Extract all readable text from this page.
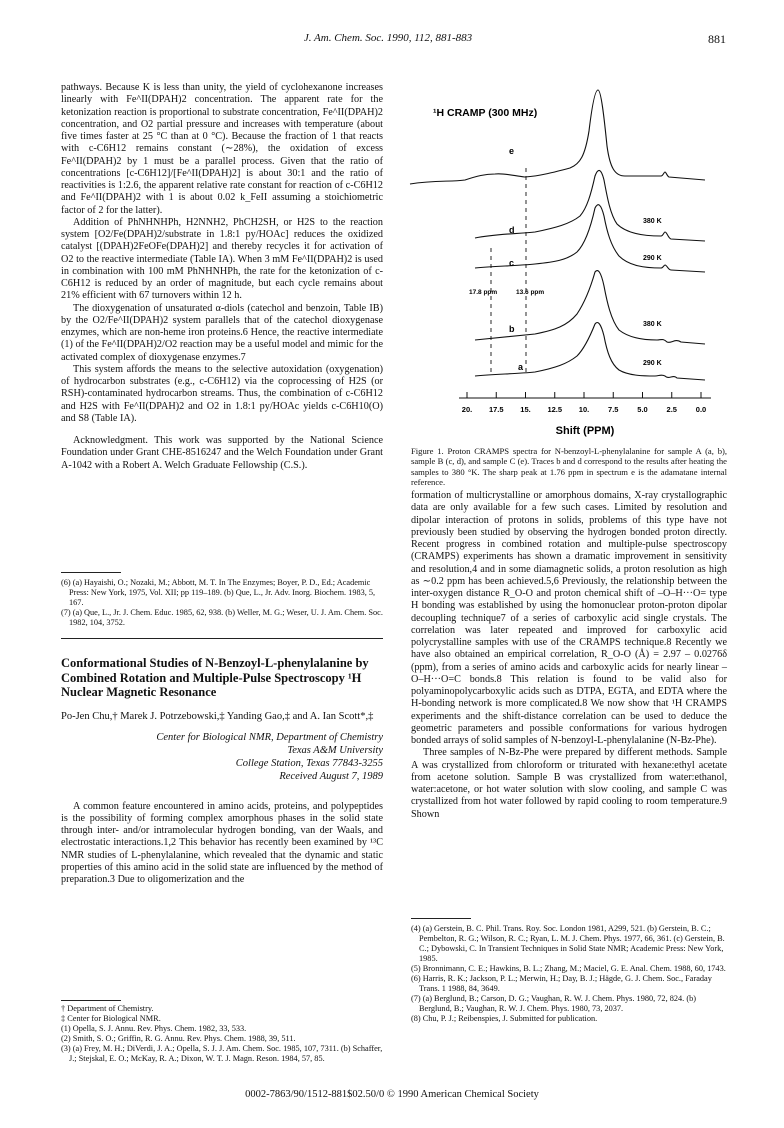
J. Am. Chem. Soc. 1990, 112, 881-883	881

pathways. Because K is less than unity, the yield of cyclohexanone increases linearly with Fe^II(DPAH)2 concentration. The apparent rate for the ketonization reaction is proportional to substrate concentration, Fe^II(DPAH)2 concentration, and O2 partial pressure and increases with temperature (about five times faster at 25 °C than at 0 °C). Because the fraction of 1 that reacts with c-C6H12 remains constant (∼28%), the oxidation of excess Fe^II(DPAH)2 by 1 must be a parallel process. Given that the ratio of concentrations [c-C6H12]/[Fe^II(DPAH)2] is about 30:1 and the ratio of reactivities is 1:2.6, the apparent relative rate constant for reaction of c-C6H12 and Fe^II(DPAH)2 with 1 is about 0.02 k_FeII assuming a stoichiometric factor of 2 for the latter).

Addition of PhNHNHPh, H2NNH2, PhCH2SH, or H2S to the reaction system [O2/Fe(DPAH)2/substrate in 1.8:1 py/HOAc] reduces the oxidized catalyst [(DPAH)2FeOFe(DPAH)2] and thereby recycles it for activation of O2 to the reactive intermediate (Table IA). When 3 mM Fe^II(DPAH)2 is used in combination with 100 mM PhNHNHPh, the rate for the ketonization of c-C6H12 is reduced by an order of magnitude, but each cycle remains about 21% efficient with 67 turnovers within 12 h.

The dioxygenation of unsaturated α-diols (catechol and benzoin, Table IB) by the O2/Fe^II(DPAH)2 system parallels that of the catechol dioxygenase enzymes, which are non-heme iron proteins.6 Hence, the reactive intermediate (1) of the Fe^II(DPAH)2/O2 reaction may be a useful model and mimic for the activated complex of dioxygenase enzymes.7

This system affords the means to the selective autoxidation (oxygenation) of hydrocarbon substrates (e.g., c-C6H12) via the coprocessing of H2S (or RSH)-contaminated hydrocarbon streams. Thus, the combination of c-C6H12 and H2S with Fe^II(DPAH)2 and O2 in 1.8:1 py/HOAc yields c-C6H10(O) and S8 (Table IA).

Acknowledgment. This work was supported by the National Science Foundation under Grant CHE-8516247 and the Welch Foundation under Grant A-1042 with a Robert A. Welch Graduate Fellowship (C.S.).

(6) (a) Hayaishi, O.; Nozaki, M.; Abbott, M. T. In The Enzymes; Boyer, P. D., Ed.; Academic Press: New York, 1975, Vol. XII; pp 119–189. (b) Que, L., Jr. Adv. Inorg. Biochem. 1983, 5, 167.
(7) (a) Que, L., Jr. J. Chem. Educ. 1985, 62, 938. (b) Weller, M. G.; Weser, U. J. Am. Chem. Soc. 1982, 104, 3752.
Conformational Studies of N-Benzoyl-L-phenylalanine by Combined Rotation and Multiple-Pulse Spectroscopy ¹H Nuclear Magnetic Resonance
Po-Jen Chu,† Marek J. Potrzebowski,‡ Yanding Gao,‡ and A. Ian Scott*,‡
Center for Biological NMR, Department of Chemistry
Texas A&M University
College Station, Texas 77843-3255
Received August 7, 1989

A common feature encountered in amino acids, proteins, and polypeptides is the possibility of forming complex amorphous phases in the solid state through inter- and/or intramolecular hydrogen bonding, van der Waals, and electrostatic interactions.1,2 This behavior has recently been examined by ¹³C NMR studies of L-phenylalanine, which revealed that the dynamic and static properties of this amino acid in the solid state are influenced by the method of preparation.3 Due to oligomerization and the

† Department of Chemistry.
‡ Center for Biological NMR.
(1) Opella, S. J. Annu. Rev. Phys. Chem. 1982, 33, 533.
(2) Smith, S. O.; Griffin, R. G. Annu. Rev. Phys. Chem. 1988, 39, 511.
(3) (a) Frey, M. H.; DiVerdi, J. A.; Opella, S. J. J. Am. Chem. Soc. 1985, 107, 7311. (b) Schaffer, J.; Stejskal, E. O.; McKay, R. A.; Dixon, W. T. J. Magn. Reson. 1984, 57, 85.
¹H CRAMP (300 MHz)
e
d
380 K
c	290 K
17.8 ppm	13.6 ppm
b	380 K
a	290 K
20. 17.5 15. 12.5 10.	7.5	5.0	2.5	0.0
Shift (PPM)
Figure 1. Proton CRAMPS spectra for N-benzoyl-L-phenylalanine for sample A (a, b), sample B (c, d), and sample C (e). Traces b and d correspond to the results after heating the samples to 380 °K. The sharp peak at 1.76 ppm in spectrum e is the adamatane internal reference.

formation of multicrystalline or amorphous domains, X-ray crystallographic data are only available for a few such cases. Limited by resolution and dipolar interaction of protons in solids, problems of this type have not previously been studied by observing the hydrogen bonded proton directly. Recent progress in combined rotation and multiple-pulse spectroscopy (CRAMPS) experiments has shown a dramatic improvement in sensitivity and resolution,4 and in some diamagnetic solids, a proton resolution as high as ∼0.2 ppm has been achieved.5,6 Previously, the relationship between the inter-oxygen distance R_O-O and proton chemical shift of –O–H···O= type H bonding was established by using the homonuclear proton-proton dipolar decoupling technique7 of a series of carboxylic acid single crystals. The correlation was later repeated and improved for carboxylic acid polycrystalline samples with use of the CRAMPS technique.8 Recently we have also obtained an empirical correlation, R_O-O (Å) = 2.97 – 0.0276δ (ppm), from a series of amino acids and carboxylic acids for nearly linear –O–H···O=C bonds.8 This relation is found to be valid also for polyaminopolycarboxylic acids such as DTPA, EGTA, and EDTA where the H-bonding network is more complicated.8 We now show that ¹H CRAMPS experiments and the shift-distance correlation can be used to deduce the geometric parameters and possible conformations for various hydrogen bonded arrays of solid samples of N-benzoyl-L-phenylalanine (N-Bz-Phe).

Three samples of N-Bz-Phe were prepared by different methods. Sample A was crystallized from chloroform or triturated with hexane:ethyl acetate from acetone solution. Sample B was crystallized from water:ethanol, water:acetone, or hot water solution with slow cooling, and sample C was crystallized from hot water followed by rapid cooling to room temperature.9 Shown

(4) (a) Gerstein, B. C. Phil. Trans. Roy. Soc. London 1981, A299, 521. (b) Gerstein, B. C.; Pembelton, R. G.; Wilson, R. C.; Ryan, L. M. J. Chem. Phys. 1977, 66, 361. (c) Gerstein, B. C.; Dybowski, C. In Transient Techniques in Solid State NMR; Academic Press: New York, 1985.
(5) Bronnimann, C. E.; Hawkins, B. L.; Zhang, M.; Maciel, G. E. Anal. Chem. 1988, 60, 1743.
(6) Harris, R. K.; Jackson, P. L.; Merwin, H.; Day, B. J.; Hägde, G. J. Chem. Soc., Faraday Trans. 1 1988, 84, 3649.
(7) (a) Berglund, B.; Carson, D. G.; Vaughan, R. W. J. Chem. Phys. 1980, 72, 824. (b) Berglund, B.; Vaughan, R. W. J. Chem. Phys. 1980, 73, 2037.
(8) Chu, P. J.; Reibenspies, J. Submitted for publication.
0002-7863/90/1512-881$02.50/0 © 1990 American Chemical Society
